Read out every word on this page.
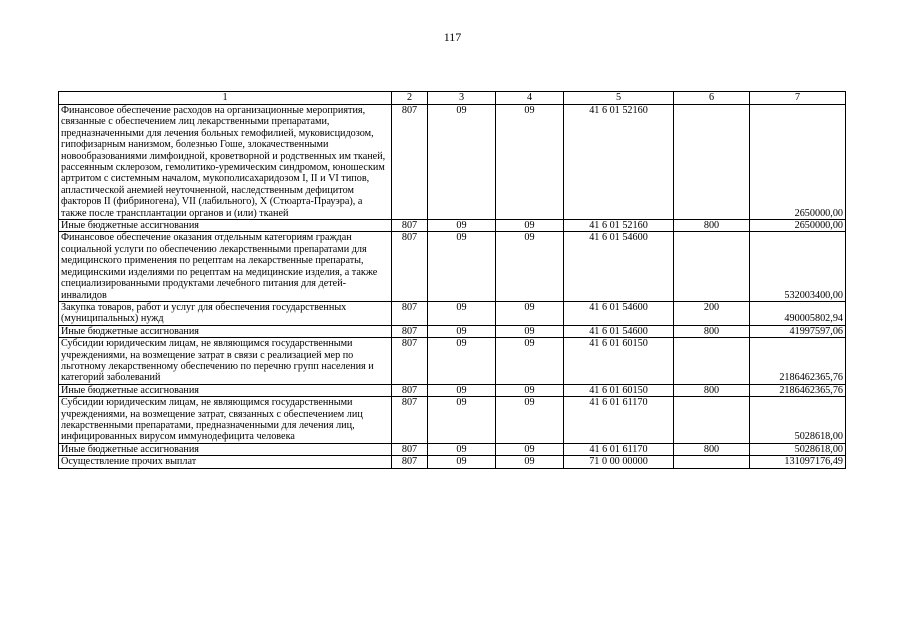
117
1	2	3	4	5	6	7
Финансовое обеспечение расходов на организационные мероприятия, связанные с обеспечением лиц лекарственными препаратами, предназначенными для лечения больных гемофилией, муковисцидозом, гипофизарным нанизмом, болезнью Гоше, злокачественными новообразованиями лимфоидной, кроветворной и родственных им тканей, рассеянным склерозом, гемолитико-уремическим синдромом, юношеским артритом с системным началом, мукополисахаридозом I, II и VI типов, апластической анемией неуточненной, наследственным дефицитом факторов II (фибриногена), VII (лабильного), X (Стюарта-Прауэра), а также после трансплантации органов и (или) тканей	807	09	09	41 6 01 52160		2650000,00
Иные бюджетные ассигнования	807	09	09	41 6 01 52160	800	2650000,00
Финансовое обеспечение оказания отдельным категориям граждан социальной услуги по обеспечению лекарственными препаратами для медицинского применения по рецептам на лекарственные препараты, медицинскими изделиями по рецептам на медицинские изделия, а также специализированными продуктами лечебного питания для детей-инвалидов	807	09	09	41 6 01 54600		532003400,00
Закупка товаров, работ и услуг для обеспечения государственных (муниципальных) нужд	807	09	09	41 6 01 54600	200	490005802,94
Иные бюджетные ассигнования	807	09	09	41 6 01 54600	800	41997597,06
Субсидии юридическим лицам, не являющимся государственными учреждениями, на возмещение затрат в связи с реализацией мер по льготному лекарственному обеспечению по перечню групп населения и категорий заболеваний	807	09	09	41 6 01 60150		2186462365,76
Иные бюджетные ассигнования	807	09	09	41 6 01 60150	800	2186462365,76
Субсидии юридическим лицам, не являющимся государственными учреждениями, на возмещение затрат, связанных с обеспечением лиц лекарственными препаратами, предназначенными для лечения лиц, инфицированных вирусом иммунодефицита человека	807	09	09	41 6 01 61170		5028618,00
Иные бюджетные ассигнования	807	09	09	41 6 01 61170	800	5028618,00
Осуществление прочих выплат	807	09	09	71 0 00 00000		131097176,49
